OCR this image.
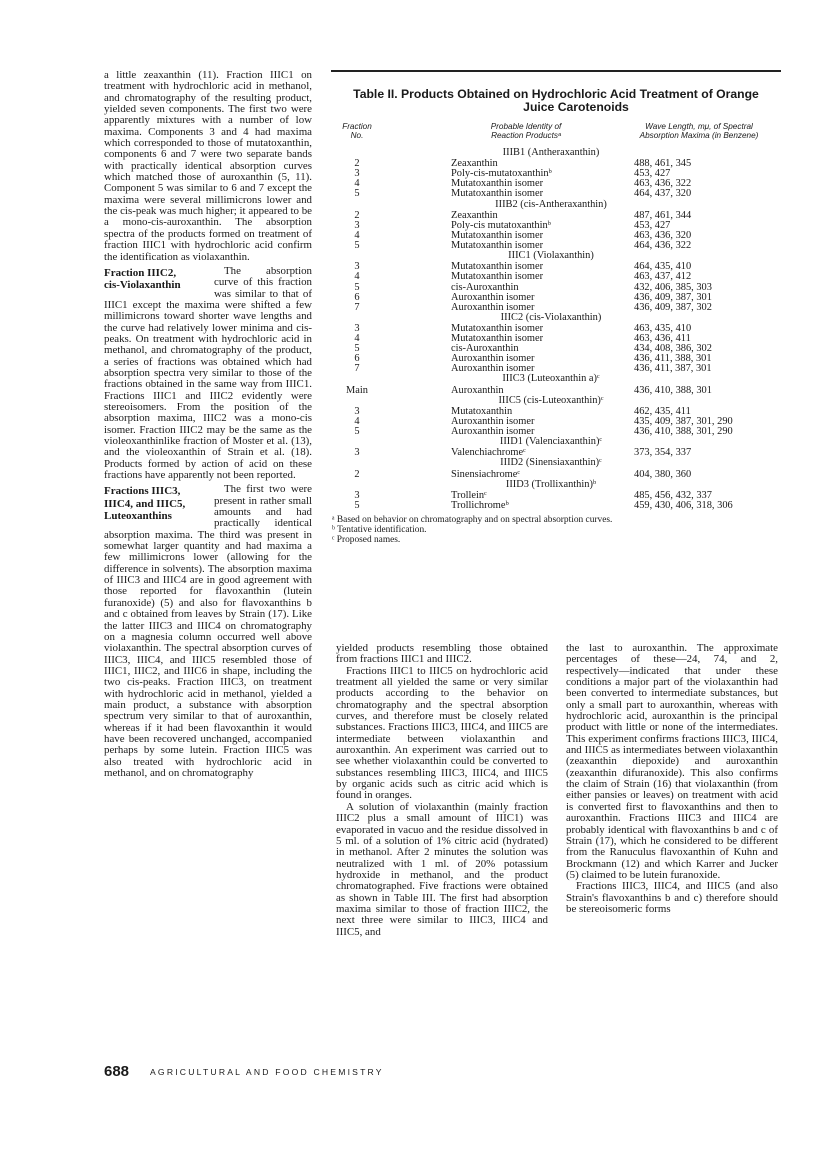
a little zeaxanthin (11). Fraction IIIC1 on treatment with hydrochloric acid in methanol, and chromatography of the resulting product, yielded seven components. The first two were apparently mixtures with a number of low maxima. Components 3 and 4 had maxima which corresponded to those of mutatoxanthin, components 6 and 7 were two separate bands with practically identical absorption curves which matched those of auroxanthin (5, 11). Component 5 was similar to 6 and 7 except the maxima were several millimicrons lower and the cis-peak was much higher; it appeared to be a mono-cis-auroxanthin. The absorption spectra of the products formed on treatment of fraction IIIC1 with hydrochloric acid confirm the identification as violaxanthin.

Fraction IIIC2,
cis-Violaxanthin

The absorption curve of this fraction was similar to that of IIIC1 except the maxima were shifted a few millimicrons toward shorter wave lengths and the curve had relatively lower minima and cis-peaks. On treatment with hydrochloric acid in methanol, and chromatography of the product, a series of fractions was obtained which had absorption spectra very similar to those of the fractions obtained in the same way from IIIC1. Fractions IIIC1 and IIIC2 evidently were stereoisomers. From the position of the absorption maxima, IIIC2 was a mono-cis isomer. Fraction IIIC2 may be the same as the violeoxanthinlike fraction of Moster et al. (13), and the violeoxanthin of Strain et al. (18). Products formed by action of acid on these fractions have apparently not been reported.

Fractions IIIC3,
IIIC4, and IIIC5,
Luteoxanthins

The first two were present in rather small amounts and had practically identical absorption maxima. The third was present in somewhat larger quantity and had maxima a few millimicrons lower (allowing for the difference in solvents). The absorption maxima of IIIC3 and IIIC4 are in good agreement with those reported for flavoxanthin (lutein furanoxide) (5) and also for flavoxanthins b and c obtained from leaves by Strain (17). Like the latter IIIC3 and IIIC4 on chromatography on a magnesia column occurred well above violaxanthin. The spectral absorption curves of IIIC3, IIIC4, and IIIC5 resembled those of IIIC1, IIIC2, and IIIC6 in shape, including the two cis-peaks. Fraction IIIC3, on treatment with hydrochloric acid in methanol, yielded a main product, a substance with absorption spectrum very similar to that of auroxanthin, whereas if it had been flavoxanthin it would have been recovered unchanged, accompanied perhaps by some lutein. Fraction IIIC5 was also treated with hydrochloric acid in methanol, and on chromatography

Table II. Products Obtained on Hydrochloric Acid Treatment of Orange
Juice Carotenoids
Fraction
No.
Probable Identity of
Reaction Productsᵃ
Wave Length, mμ, of Spectral
Absorption Maxima (in Benzene)
IIIB1 (Antheraxanthin)
2	Zeaxanthin	488, 461, 345
3	Poly-cis-mutatoxanthinᵇ	453, 427
4	Mutatoxanthin isomer	463, 436, 322
5	Mutatoxanthin isomer	464, 437, 320
IIIB2 (cis-Antheraxanthin)
2	Zeaxanthin	487, 461, 344
3	Poly-cis mutatoxanthinᵇ	453, 427
4	Mutatoxanthin isomer	463, 436, 320
5	Mutatoxanthin isomer	464, 436, 322
IIIC1 (Violaxanthin)
3	Mutatoxanthin isomer	464, 435, 410
4	Mutatoxanthin isomer	463, 437, 412
5	cis-Auroxanthin	432, 406, 385, 303
6	Auroxanthin isomer	436, 409, 387, 301
7	Auroxanthin isomer	436, 409, 387, 302
IIIC2 (cis-Violaxanthin)
3	Mutatoxanthin isomer	463, 435, 410
4	Mutatoxanthin isomer	463, 436, 411
5	cis-Auroxanthin	434, 408, 386, 302
6	Auroxanthin isomer	436, 411, 388, 301
7	Auroxanthin isomer	436, 411, 387, 301
IIIC3 (Luteoxanthin a)ᶜ
Main	Auroxanthin	436, 410, 388, 301
IIIC5 (cis-Luteoxanthin)ᶜ
3	Mutatoxanthin	462, 435, 411
4	Auroxanthin isomer	435, 409, 387, 301, 290
5	Auroxanthin isomer	436, 410, 388, 301, 290
IIID1 (Valenciaxanthin)ᶜ
3	Valenchiachromeᶜ	373, 354, 337
IIID2 (Sinensiaxanthin)ᶜ
2	Sinensiachromeᶜ	404, 380, 360
IIID3 (Trollixanthin)ᵇ
3	Trolleinᶜ	485, 456, 432, 337
5	Trollichromeᵇ	459, 430, 406, 318, 306
ᵃ Based on behavior on chromatography and on spectral absorption curves.
ᵇ Tentative identification.
ᶜ Proposed names.

yielded products resembling those obtained from fractions IIIC1 and IIIC2.

Fractions IIIC1 to IIIC5 on hydrochloric acid treatment all yielded the same or very similar products according to the behavior on chromatography and the spectral absorption curves, and therefore must be closely related substances. Fractions IIIC3, IIIC4, and IIIC5 are intermediate between violaxanthin and auroxanthin. An experiment was carried out to see whether violaxanthin could be converted to substances resembling IIIC3, IIIC4, and IIIC5 by organic acids such as citric acid which is found in oranges.

A solution of violaxanthin (mainly fraction IIIC2 plus a small amount of IIIC1) was evaporated in vacuo and the residue dissolved in 5 ml. of a solution of 1% citric acid (hydrated) in methanol. After 2 minutes the solution was neutralized with 1 ml. of 20% potassium hydroxide in methanol, and the product chromatographed. Five fractions were obtained as shown in Table III. The first had absorption maxima similar to those of fraction IIIC2, the next three were similar to IIIC3, IIIC4 and IIIC5, and

the last to auroxanthin. The approximate percentages of these—24, 74, and 2, respectively—indicated that under these conditions a major part of the violaxanthin had been converted to intermediate substances, but only a small part to auroxanthin, whereas with hydrochloric acid, auroxanthin is the principal product with little or none of the intermediates. This experiment confirms fractions IIIC3, IIIC4, and IIIC5 as intermediates between violaxanthin (zeaxanthin diepoxide) and auroxanthin (zeaxanthin difuranoxide). This also confirms the claim of Strain (16) that violaxanthin (from either pansies or leaves) on treatment with acid is converted first to flavoxanthins and then to auroxanthin. Fractions IIIC3 and IIIC4 are probably identical with flavoxanthins b and c of Strain (17), which he considered to be different from the Ranuculus flavoxanthin of Kuhn and Brockmann (12) and which Karrer and Jucker (5) claimed to be lutein furanoxide.

Fractions IIIC3, IIIC4, and IIIC5 (and also Strain's flavoxanthins b and c) therefore should be stereoisomeric forms

688 AGRICULTURAL AND FOOD CHEMISTRY
